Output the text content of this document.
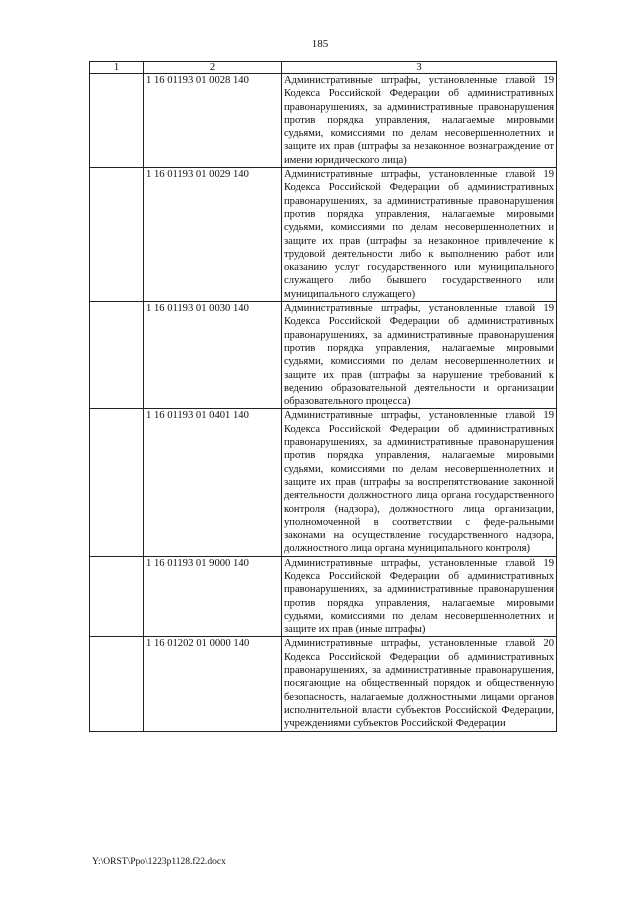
185
1	2	3
	1 16 01193 01 0028 140	Административные штрафы, установленные главой 19 Кодекса Российской Федерации об административных правонарушениях, за административные правонарушения против порядка управления, налагаемые мировыми судьями, комиссиями по делам несовершеннолетних и защите их прав (штрафы за незаконное вознаграждение от имени юридического лица)
	1 16 01193 01 0029 140	Административные штрафы, установленные главой 19 Кодекса Российской Федерации об административных правонарушениях, за административные правонарушения против порядка управления, налагаемые мировыми судьями, комиссиями по делам несовершеннолетних и защите их прав (штрафы за незаконное привлечение к трудовой деятельности либо к выполнению работ или оказанию услуг государственного или муниципального служащего либо бывшего государственного или муниципального служащего)
	1 16 01193 01 0030 140	Административные штрафы, установленные главой 19 Кодекса Российской Федерации об административных правонарушениях, за административные правонарушения против порядка управления, налагаемые мировыми судьями, комиссиями по делам несовершеннолетних и защите их прав (штрафы за нарушение требований к ведению образовательной деятельности и организации образовательного процесса)
	1 16 01193 01 0401 140	Административные штрафы, установленные главой 19 Кодекса Российской Федерации об административных правонарушениях, за административные правонарушения против порядка управления, налагаемые мировыми судьями, комиссиями по делам несовершеннолетних и защите их прав (штрафы за воспрепятствование законной деятельности должностного лица органа государственного контроля (надзора), должностного лица организации, уполномоченной в соответствии с феде-ральными законами на осуществление государственного надзора, должностного лица органа муниципального контроля)
	1 16 01193 01 9000 140	Административные штрафы, установленные главой 19 Кодекса Российской Федерации об административных правонарушениях, за административные правонарушения против порядка управления, налагаемые мировыми судьями, комиссиями по делам несовершеннолетних и защите их прав (иные штрафы)
	1 16 01202 01 0000 140	Административные штрафы, установленные главой 20 Кодекса Российской Федерации об административных правонарушениях, за административные правонарушения, посягающие на общественный порядок и общественную безопасность, налагаемые должностными лицами органов исполнительной власти субъектов Российской Федерации, учреждениями субъектов Российской Федерации
Y:\ORST\Ppo\1223p1128.f22.docx
